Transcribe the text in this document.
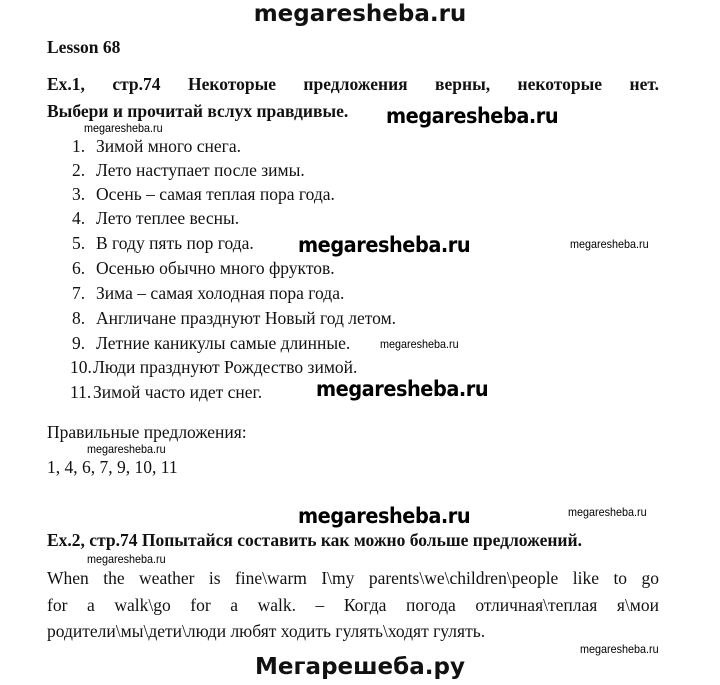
megaresheba.ru
Lesson 68
Ex.1, стр.74 Некоторые предложения верны, некоторые нет.
Выбери и прочитай вслух правдивые. megaresheba.ru
megaresheba.ru
1. Зимой много снега.
2. Лето наступает после зимы.
3. Осень – самая теплая пора года.
4. Лето теплее весны.
5. В году пять пор года.
6. Осенью обычно много фруктов.
7. Зима – самая холодная пора года.
8. Англичане празднуют Новый год летом.
9. Летние каникулы самые длинные.
10. Люди празднуют Рождество зимой.
11. Зимой часто идет снег.
megaresheba.ru	megaresheba.ru
megaresheba.ru
megaresheba.ru
Правильные предложения:
megaresheba.ru
1, 4, 6, 7, 9, 10, 11
megaresheba.ru	megaresheba.ru
Ex.2, стр.74 Попытайся составить как можно больше предложений.
megaresheba.ru
When the weather is fine\warm I\my parents\we\children\people like to go
for a walk\go for a walk. – Когда погода отличная\теплая я\мои
родители\мы\дети\люди любят ходить гулять\ходят гулять.
megaresheba.ru
Мегарешеба.ру
